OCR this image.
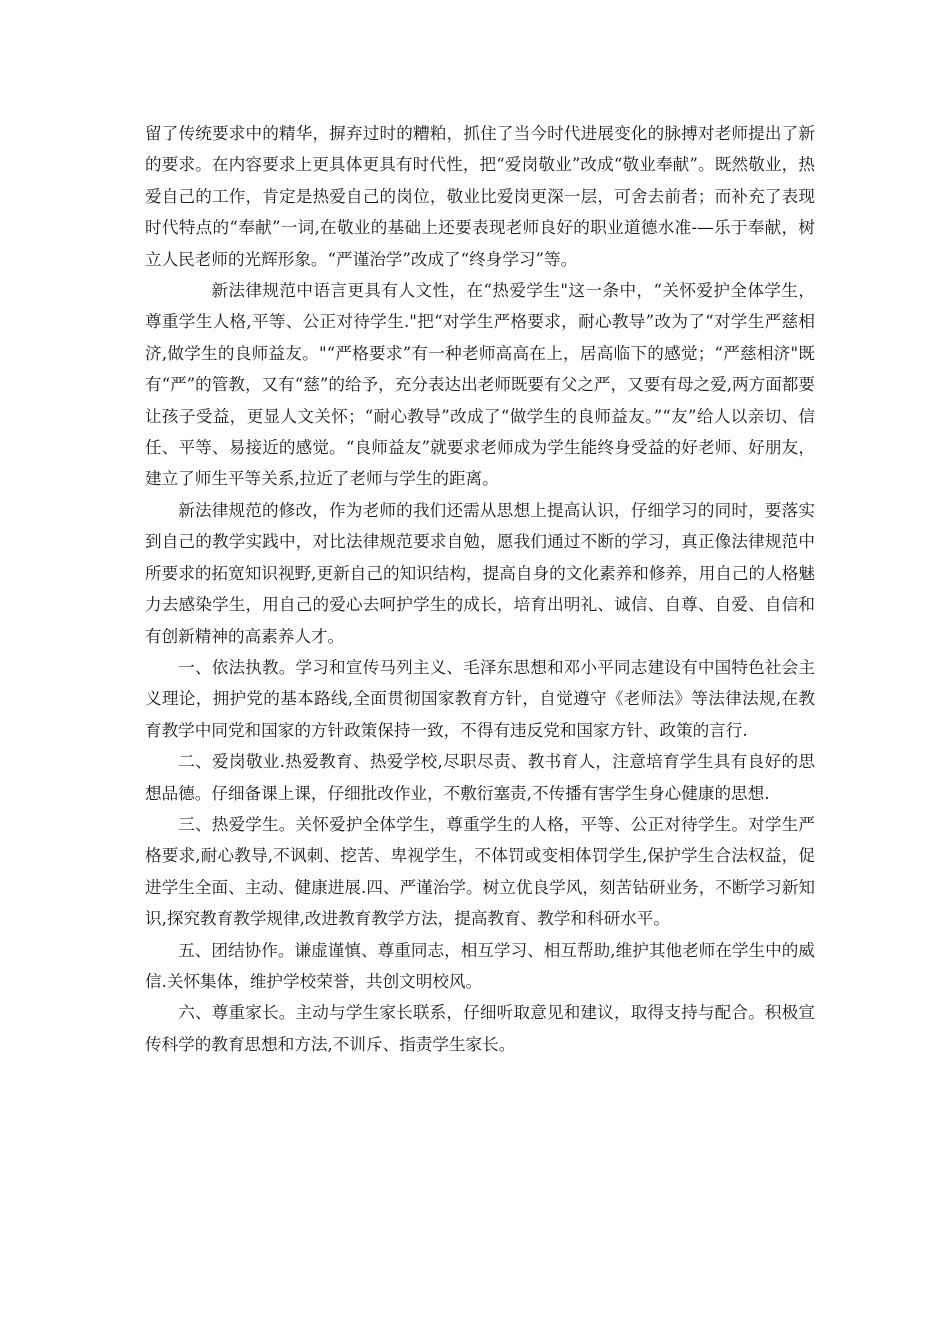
留了传统要求中的精华，摒弃过时的糟粕，抓住了当今时代进展变化的脉搏对老师提出了新的要求。在内容要求上更具体更具有时代性，把“爱岗敬业”改成“敬业奉献”。既然敬业，热爱自己的工作，肯定是热爱自己的岗位，敬业比爱岗更深一层，可舍去前者；而补充了表现时代特点的“奉献”一词,在敬业的基础上还要表现老师良好的职业道德水准-—乐于奉献，树立人民老师的光辉形象。“严谨治学”改成了“终身学习”等。

新法律规范中语言更具有人文性，在“热爱学生"这一条中，“关怀爱护全体学生，尊重学生人格,平等、公正对待学生."把“对学生严格要求，耐心教导”改为了“对学生严慈相济,做学生的良师益友。"“严格要求”有一种老师高高在上，居高临下的感觉；“严慈相济"既有“严”的管教，又有“慈”的给予，充分表达出老师既要有父之严，又要有母之爱,两方面都要让孩子受益，更显人文关怀；“耐心教导”改成了“做学生的良师益友。”“友”给人以亲切、信任、平等、易接近的感觉。“良师益友”就要求老师成为学生能终身受益的好老师、好朋友，建立了师生平等关系,拉近了老师与学生的距离。

新法律规范的修改，作为老师的我们还需从思想上提高认识，仔细学习的同时，要落实到自己的教学实践中，对比法律规范要求自勉，愿我们通过不断的学习，真正像法律规范中所要求的拓宽知识视野,更新自己的知识结构，提高自身的文化素养和修养，用自己的人格魅力去感染学生，用自己的爱心去呵护学生的成长，培育出明礼、诚信、自尊、自爱、自信和有创新精神的高素养人才。

一、依法执教。学习和宣传马列主义、毛泽东思想和邓小平同志建设有中国特色社会主义理论，拥护党的基本路线,全面贯彻国家教育方针，自觉遵守《老师法》等法律法规,在教育教学中同党和国家的方针政策保持一致，不得有违反党和国家方针、政策的言行.

二、爱岗敬业.热爱教育、热爱学校,尽职尽责、教书育人，注意培育学生具有良好的思想品德。仔细备课上课，仔细批改作业，不敷衍塞责,不传播有害学生身心健康的思想.

三、热爱学生。关怀爱护全体学生，尊重学生的人格，平等、公正对待学生。对学生严格要求,耐心教导,不讽刺、挖苦、卑视学生，不体罚或变相体罚学生,保护学生合法权益，促进学生全面、主动、健康进展.四、严谨治学。树立优良学风，刻苦钻研业务，不断学习新知识,探究教育教学规律,改进教育教学方法，提高教育、教学和科研水平。

五、团结协作。谦虚谨慎、尊重同志，相互学习、相互帮助,维护其他老师在学生中的威信.关怀集体，维护学校荣誉，共创文明校风。

六、尊重家长。主动与学生家长联系，仔细听取意见和建议，取得支持与配合。积极宣传科学的教育思想和方法,不训斥、指责学生家长。
